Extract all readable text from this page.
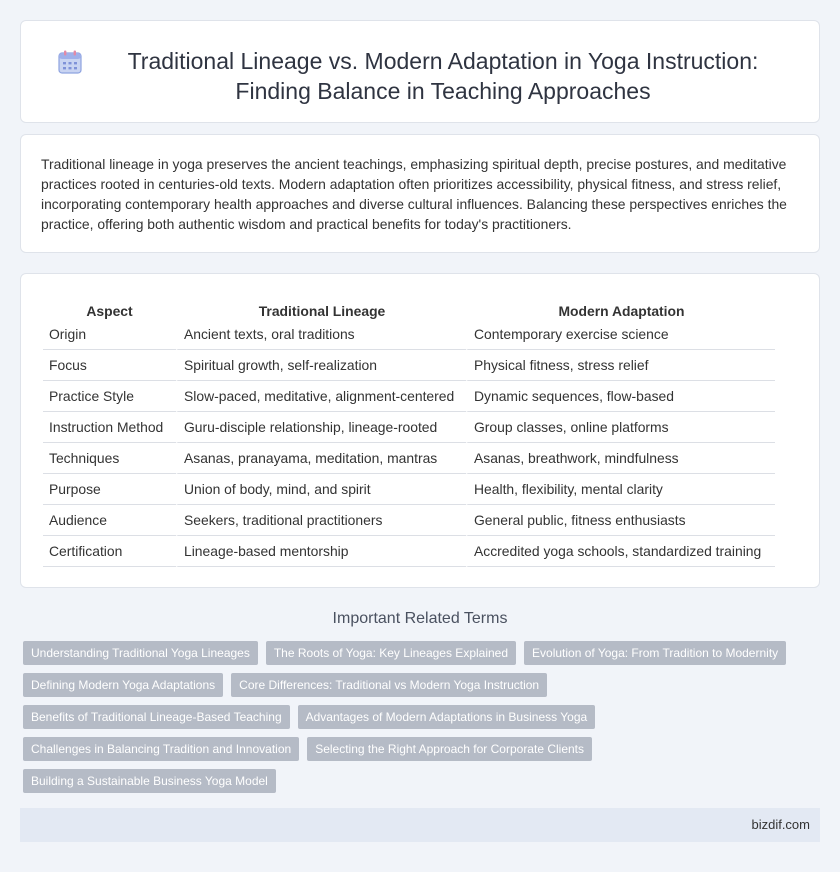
Traditional Lineage vs. Modern Adaptation in Yoga Instruction: Finding Balance in Teaching Approaches

Traditional lineage in yoga preserves the ancient teachings, emphasizing spiritual depth, precise postures, and meditative practices rooted in centuries-old texts. Modern adaptation often prioritizes accessibility, physical fitness, and stress relief, incorporating contemporary health approaches and diverse cultural influences. Balancing these perspectives enriches the practice, offering both authentic wisdom and practical benefits for today's practitioners.

Aspect	Traditional Lineage	Modern Adaptation
Origin	Ancient texts, oral traditions	Contemporary exercise science
Focus	Spiritual growth, self-realization	Physical fitness, stress relief
Practice Style	Slow-paced, meditative, alignment-centered	Dynamic sequences, flow-based
Instruction Method	Guru-disciple relationship, lineage-rooted	Group classes, online platforms
Techniques	Asanas, pranayama, meditation, mantras	Asanas, breathwork, mindfulness
Purpose	Union of body, mind, and spirit	Health, flexibility, mental clarity
Audience	Seekers, traditional practitioners	General public, fitness enthusiasts
Certification	Lineage-based mentorship	Accredited yoga schools, standardized training
Important Related Terms
Understanding Traditional Yoga Lineages	The Roots of Yoga: Key Lineages Explained	Evolution of Yoga: From Tradition to Modernity
Defining Modern Yoga Adaptations	Core Differences: Traditional vs Modern Yoga Instruction
Benefits of Traditional Lineage-Based Teaching	Advantages of Modern Adaptations in Business Yoga
Challenges in Balancing Tradition and Innovation	Selecting the Right Approach for Corporate Clients
Building a Sustainable Business Yoga Model
bizdif.com
